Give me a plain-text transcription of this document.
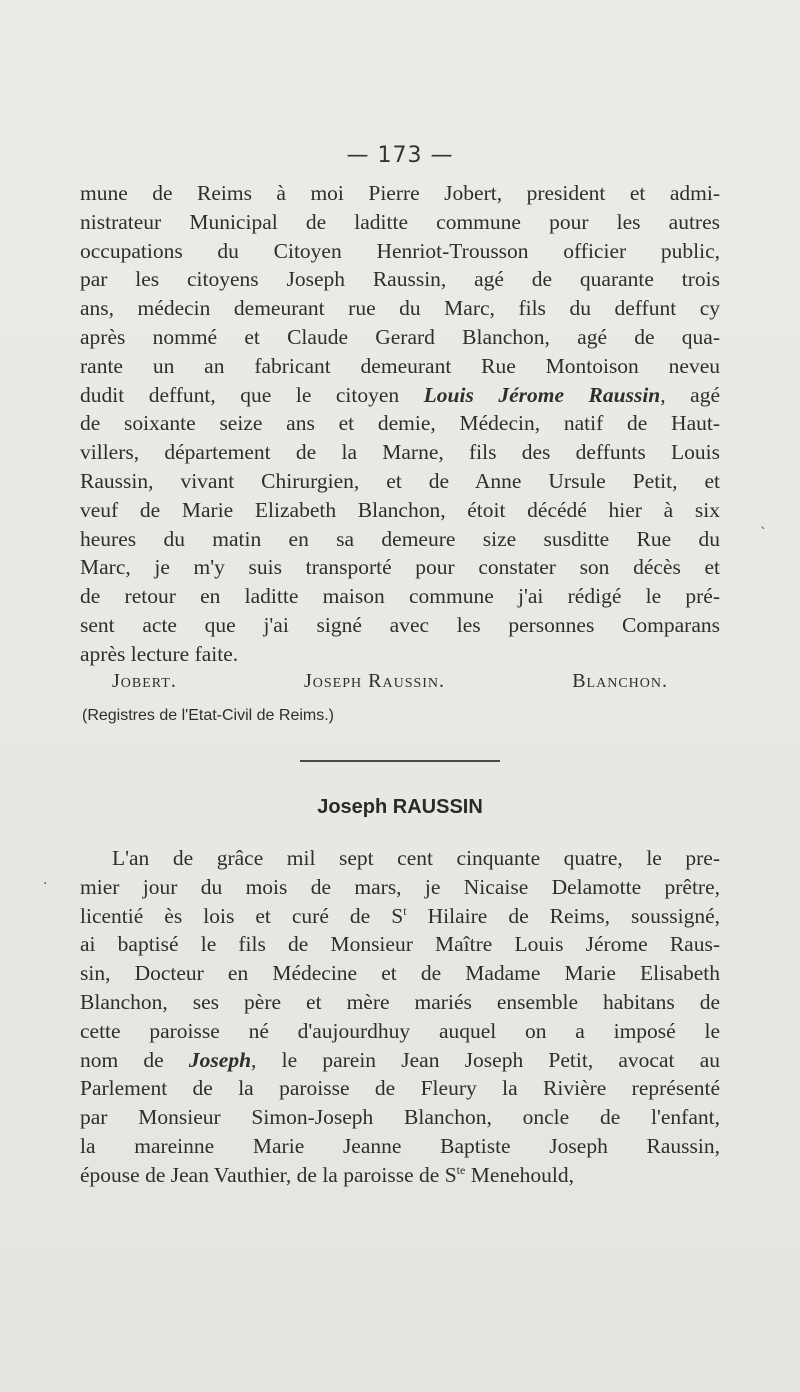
— 173 —
mune de Reims à moi Pierre Jobert, president et admi-
nistrateur Municipal de laditte commune pour les autres
occupations du Citoyen Henriot-Trousson officier public,
par les citoyens Joseph Raussin, agé de quarante trois
ans, médecin demeurant rue du Marc, fils du deffunt cy
après nommé et Claude Gerard Blanchon, agé de qua-
rante un an fabricant demeurant Rue Montoison neveu
dudit deffunt, que le citoyen Louis Jérome Raussin, agé
de soixante seize ans et demie, Médecin, natif de Haut-
villers, département de la Marne, fils des deffunts Louis
Raussin, vivant Chirurgien, et de Anne Ursule Petit, et
veuf de Marie Elizabeth Blanchon, étoit décédé hier à six
heures du matin en sa demeure size susditte Rue du
Marc, je m'y suis transporté pour constater son décès et
de retour en laditte maison commune j'ai rédigé le pré-
sent acte que j'ai signé avec les personnes Comparans
après lecture faite.
Jobert.	Joseph Raussin.	Blanchon.
(Registres de l'Etat-Civil de Reims.)
Joseph RAUSSIN
L'an de grâce mil sept cent cinquante quatre, le pre-
mier jour du mois de mars, je Nicaise Delamotte prêtre,
licentié ès lois et curé de $S^t$ Hilaire de Reims, soussigné,
ai baptisé le fils de Monsieur Maître Louis Jérome Raus-
sin, Docteur en Médecine et de Madame Marie Elisabeth
Blanchon, ses père et mère mariés ensemble habitans de
cette paroisse né d'aujourdhuy auquel on a imposé le
nom de Joseph, le parein Jean Joseph Petit, avocat au
Parlement de la paroisse de Fleury la Rivière représenté
par Monsieur Simon-Joseph Blanchon, oncle de l'enfant,
la mareinne Marie Jeanne Baptiste Joseph Raussin,
épouse de Jean Vauthier, de la paroisse de $S^{te}$ Menehould,
`
·
